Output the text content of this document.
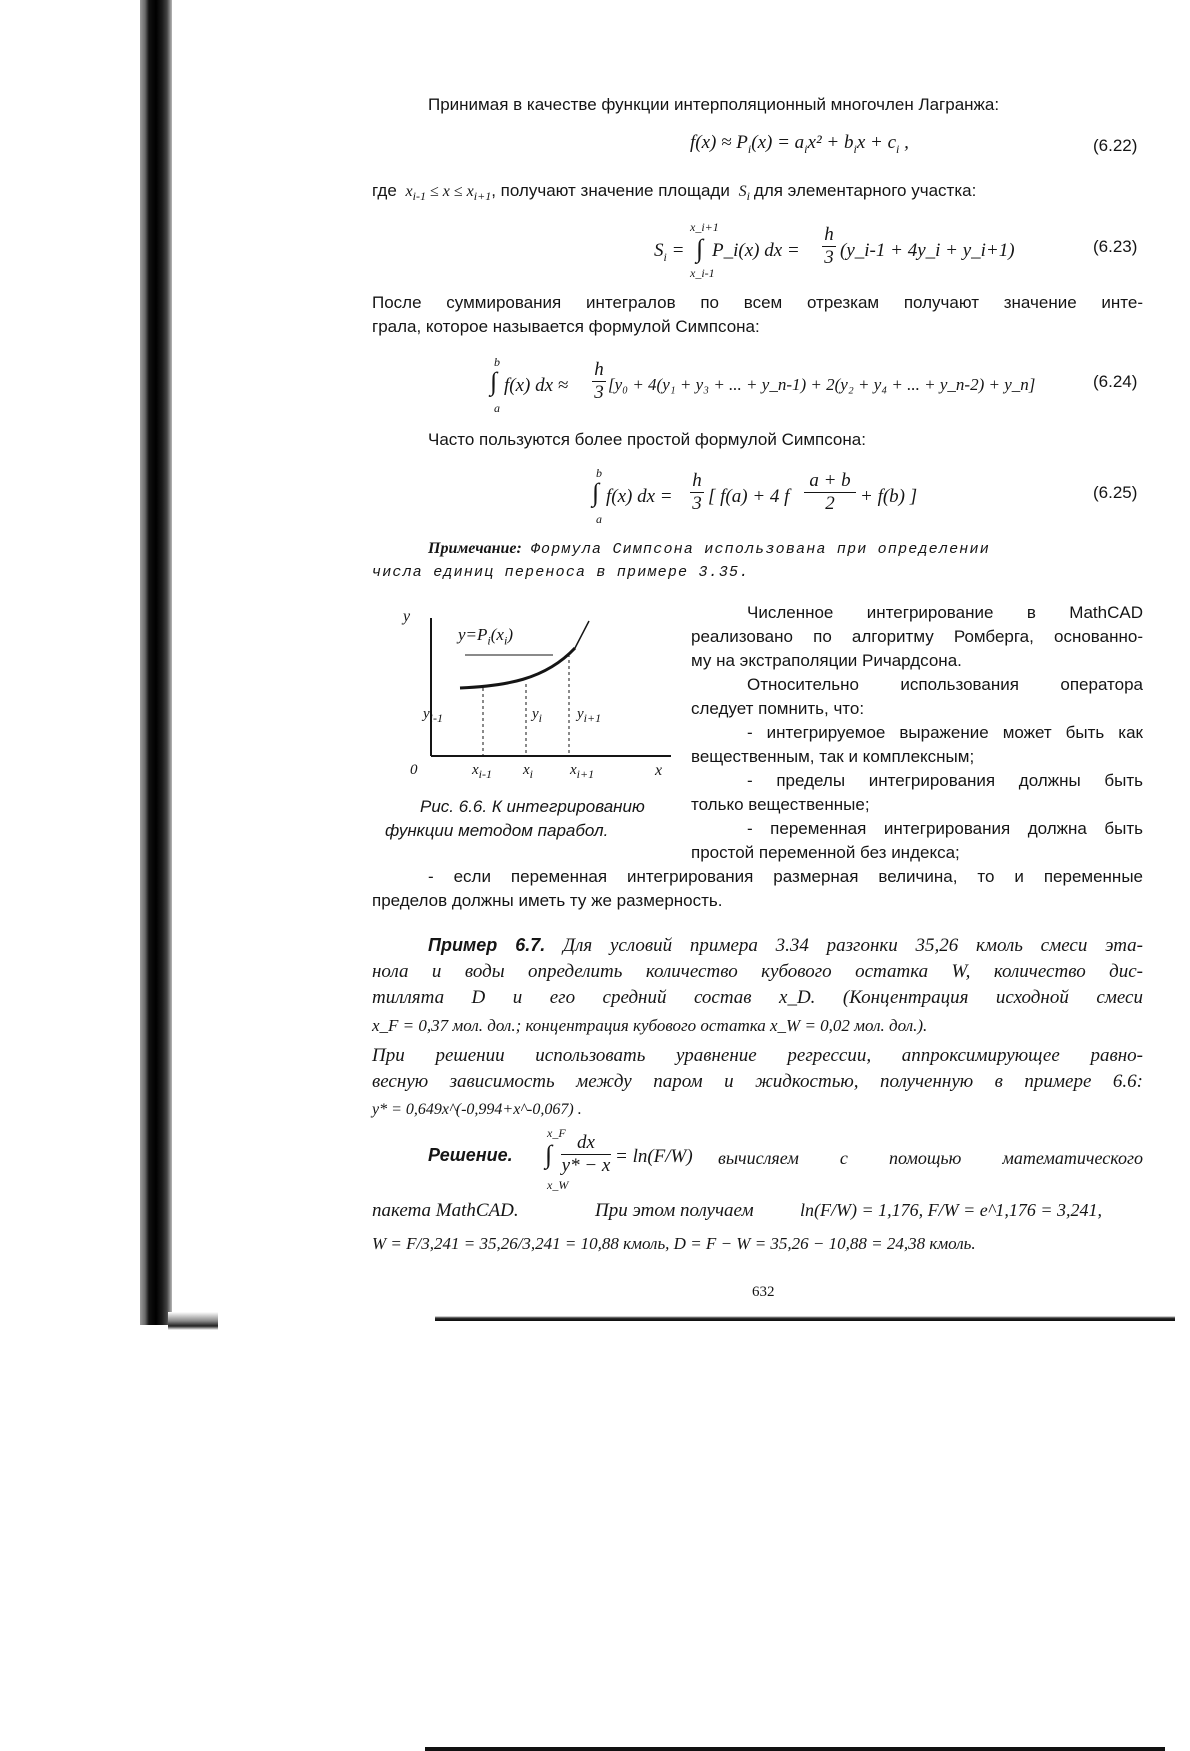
Принимая в качестве функции интерполяционный многочлен Лагранжа:
$f(x) \approx P_i(x) = a_ix^2 + b_ix + c_i$ ,	(6.22)
где  $x_{i-1} \le x \le x_{i+1}$, получают значение площади  $S_i$ для элементарного участка:
x_i+1
$S_i$ = ∫
x_i-1
P_i(x) dx =
h
3 (y_i-1 + 4y_i + y_i+1)	(6.23)
После суммирования интегралов по всем отрезкам получают значение инте-
грала, которое называется формулой Симпсона:
b
∫
a
f(x) dx ≈
h
3 [y₀ + 4(y₁ + y₃ + ... + y_n-1) + 2(y₂ + y₄ + ... + y_n-2) + y_n]	(6.24)
Часто пользуются более простой формулой Симпсона:
b
∫
a
f(x) dx =
h
3 [ f(a) + 4 f
a + b
2	+ f(b) ]	(6.25)
Примечание: Формула Симпсона использована при определении
числа единиц переноса в примере 3.35.
y
$y=P_i(x_i)$
$y_{i-1}$	$y_i$ $y_{i+1}$
0	$x_{i-1}$ $x_i$ $x_{i+1}$	x
Рис. 6.6. К интегрированию
функции методом парабол.
Численное интегрирование в MathCAD
реализовано по алгоритму Ромберга, основанно-
му на экстраполяции Ричардсона.
Относительно использования оператора
следует помнить, что:
- интегрируемое выражение может быть как
вещественным, так и комплексным;
- пределы интегрирования должны быть
только вещественные;
- переменная интегрирования должна быть
простой переменной без индекса;
- если переменная интегрирования размерная величина, то и переменные
пределов должны иметь ту же размерность.
Пример 6.7. Для условий примера 3.34 разгонки 35,26 кмоль смеси эта-
нола и воды определить количество кубового остатка W, количество дис-
тиллята D и его средний состав x_D. (Концентрация исходной смеси
x_F = 0,37 мол. дол.; концентрация кубового остатка x_W = 0,02 мол. дол.).
При решении использовать уравнение регрессии, аппроксимирующее равно-
весную зависимость между паром и жидкостью, полученную в примере 6.6:
y* = 0,649x^(-0,994+x^-0,067) .
Решение.
x_F
∫
x_W
dx
y* − x = ln(F/W) вычисляем с помощью математического
пакета MathCAD.	При этом получаем	ln(F/W) = 1,176, F/W = e^1,176 = 3,241,
W = F/3,241 = 35,26/3,241 = 10,88 кмоль, D = F − W = 35,26 − 10,88 = 24,38 кмоль.
632
